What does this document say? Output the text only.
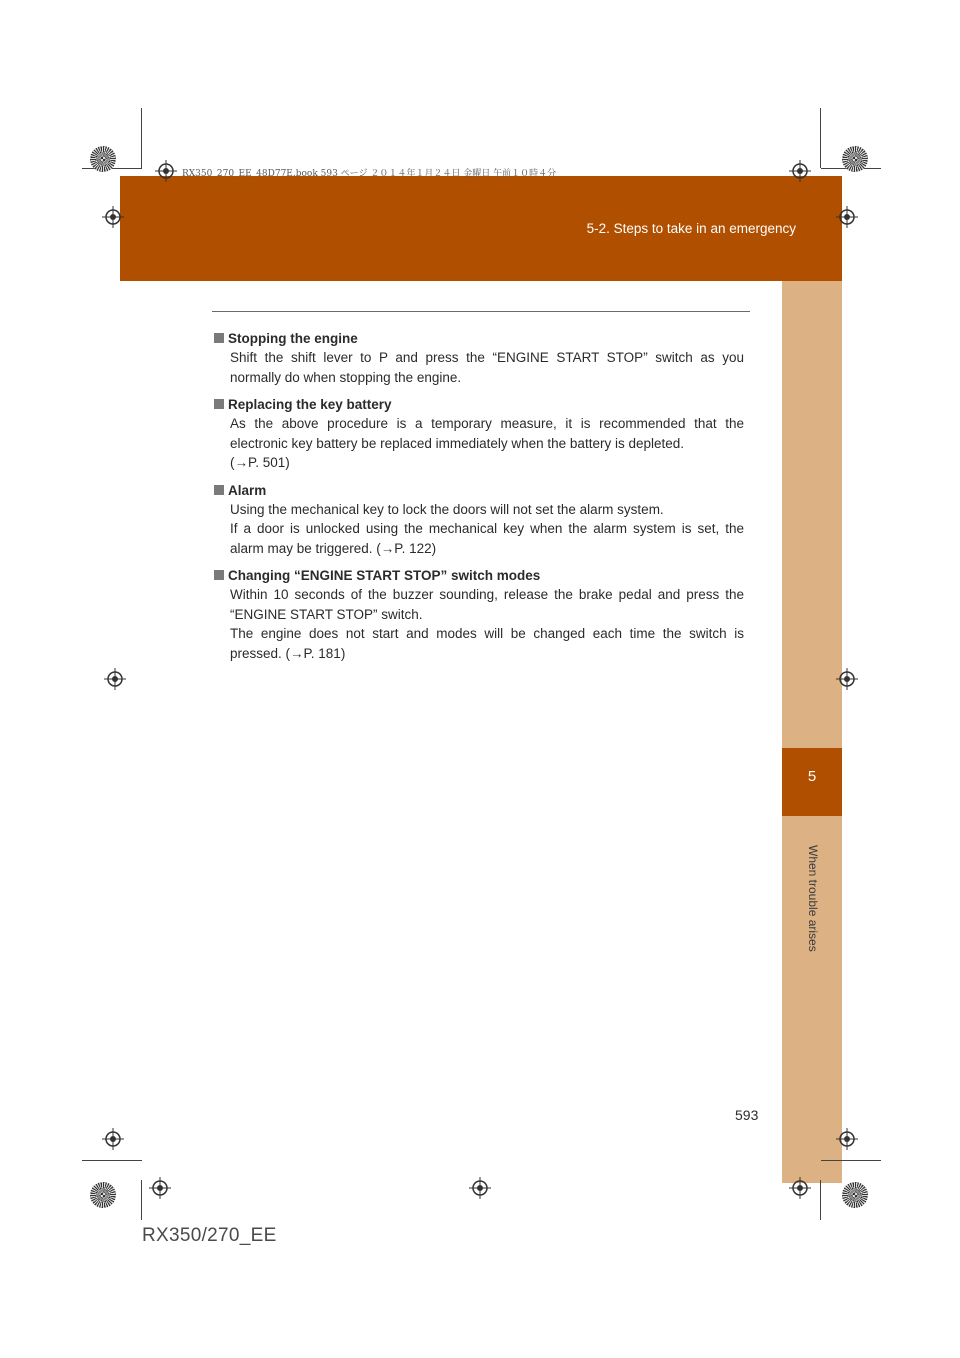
5-2. Steps to take in an emergency
RX350_270_EE_48D77E.book 593 ページ ２０１４年１月２４日 金曜日 午前１０時４分
5
When trouble arises
Stopping the engine

Shift the shift lever to P and press the “ENGINE START STOP” switch as you normally do when stopping the engine.

Replacing the key battery

As the above procedure is a temporary measure, it is recommended that the electronic key battery be replaced immediately when the battery is depleted.

(→P. 501)

Alarm

Using the mechanical key to lock the doors will not set the alarm system.

If a door is unlocked using the mechanical key when the alarm system is set, the alarm may be triggered. (→P. 122)

Changing “ENGINE START STOP” switch modes

Within 10 seconds of the buzzer sounding, release the brake pedal and press the “ENGINE START STOP” switch.

The engine does not start and modes will be changed each time the switch is pressed. (→P. 181)

593
RX350/270_EE
